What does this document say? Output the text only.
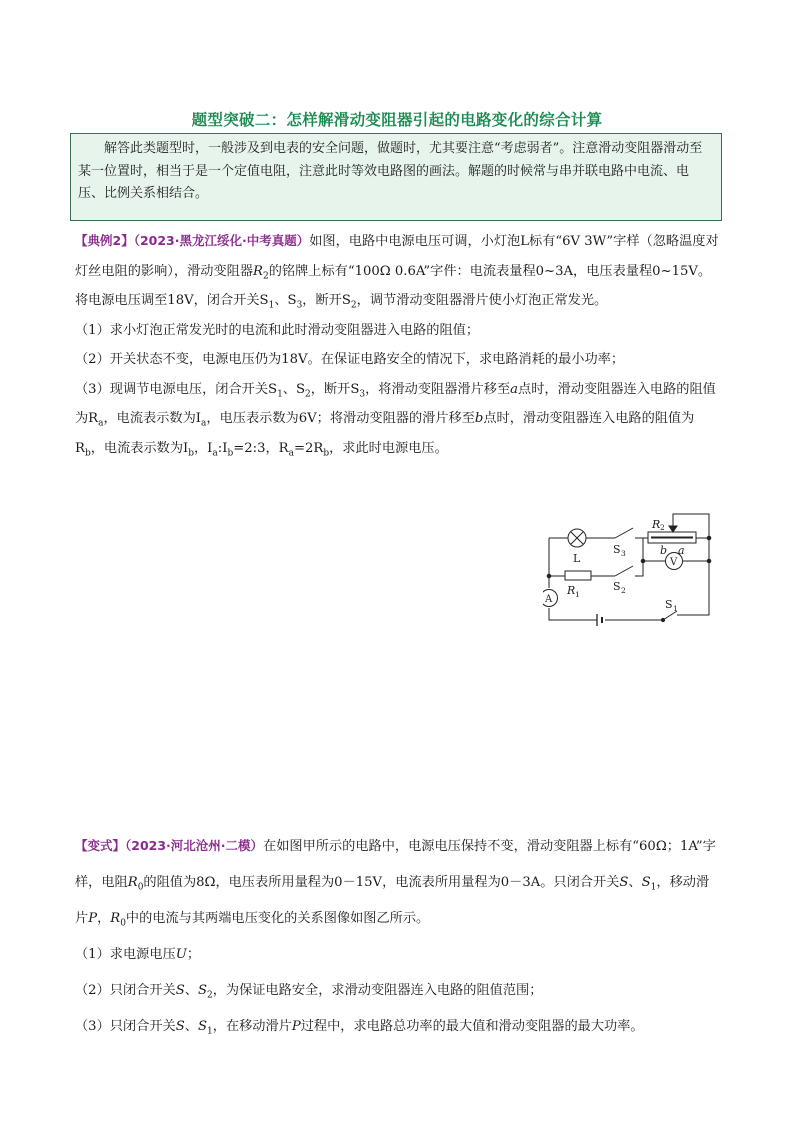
题型突破二：怎样解滑动变阻器引起的电路变化的综合计算

解答此类题型时，一般涉及到电表的安全问题，做题时，尤其要注意“考虑弱者”。注意滑动变阻器滑动至某一位置时，相当于是一个定值电阻，注意此时等效电路图的画法。解题的时候常与串并联电路中电流、电压、比例关系相结合。

【典例2】（2023·黑龙江绥化·中考真题）如图，电路中电源电压可调，小灯泡L标有“6V 3W”字样（忽略温度对灯丝电阻的影响），滑动变阻器$R_2$的铭牌上标有“100Ω 0.6A”字件：电流表量程0~3A，电压表量程0~15V。将电源电压调至18V，闭合开关$S_1$、$S_3$，断开$S_2$，调节滑动变阻器滑片使小灯泡正常发光。

（1）求小灯泡正常发光时的电流和此时滑动变阻器进入电路的阻值；

（2）开关状态不变，电源电压仍为18V。在保证电路安全的情况下，求电路消耗的最小功率；

（3）现调节电源电压，闭合开关$S_1$、$S_2$，断开$S_3$，将滑动变阻器滑片移至a点时，滑动变阻器连入电路的阻值为$R_a$，电流表示数为$I_a$，电压表示数为6V；将滑动变阻器的滑片移至b点时，滑动变阻器连入电路的阻值为$R_b$，电流表示数为$I_b$，$I_a:I_b=2:3$，$R_a=2R_b$，求此时电源电压。

L
R 1
R 2
S 3
S 2
S 1
b a
A
V

【变式】（2023·河北沧州·二模）在如图甲所示的电路中，电源电压保持不变，滑动变阻器上标有“60Ω；1A”字样，电阻$R_0$的阻值为8Ω，电压表所用量程为0－15V，电流表所用量程为0－3A。只闭合开关S、$S_1$，移动滑片P，$R_0$中的电流与其两端电压变化的关系图像如图乙所示。

（1）求电源电压U；

（2）只闭合开关S、$S_2$，为保证电路安全，求滑动变阻器连入电路的阻值范围；

（3）只闭合开关S、$S_1$，在移动滑片P过程中，求电路总功率的最大值和滑动变阻器的最大功率。
